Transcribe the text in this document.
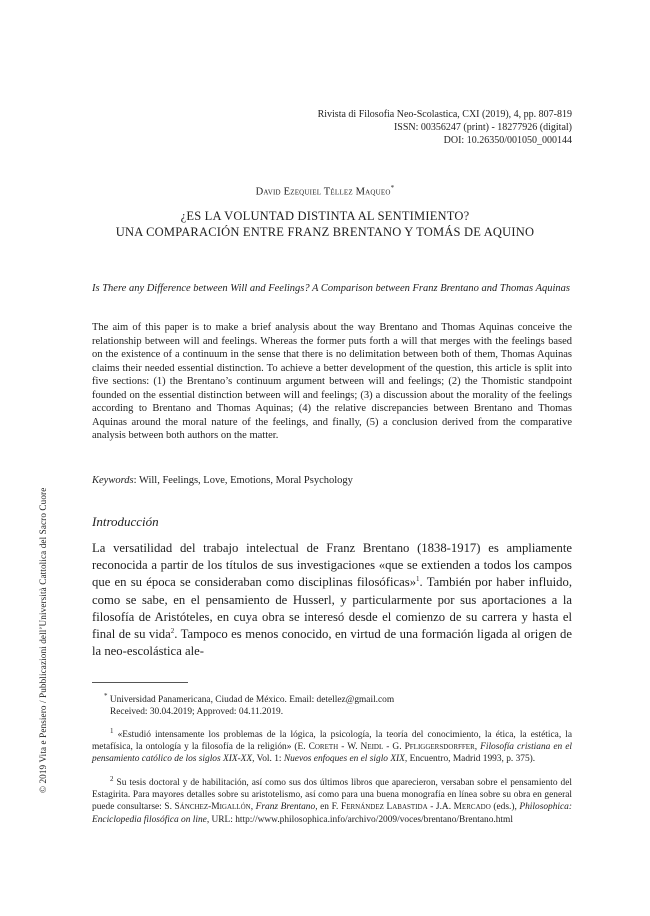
Rivista di Filosofia Neo-Scolastica, CXI (2019), 4, pp. 807-819
ISSN: 00356247 (print) - 18277926 (digital)
DOI: 10.26350/001050_000144
David Ezequiel Téllez Maqueo*
¿ES LA VOLUNTAD DISTINTA AL SENTIMIENTO?
UNA COMPARACIÓN ENTRE FRANZ BRENTANO Y TOMÁS DE AQUINO
Is There any Difference between Will and Feelings? A Comparison between Franz Brentano and Thomas Aquinas
The aim of this paper is to make a brief analysis about the way Brentano and Thomas Aquinas conceive the relationship between will and feelings. Whereas the former puts forth a will that merges with the feelings based on the existence of a continuum in the sense that there is no delimitation between both of them, Thomas Aquinas claims their needed essential distinction. To achieve a better development of the question, this article is split into five sections: (1) the Brentano’s continuum argument between will and feelings; (2) the Thomistic standpoint founded on the essential distinction between will and feelings; (3) a discussion about the morality of the feelings according to Brentano and Thomas Aquinas; (4) the relative discrepancies between Brentano and Thomas Aquinas around the moral nature of the feelings, and finally, (5) a conclusion derived from the comparative analysis between both authors on the matter.
Keywords: Will, Feelings, Love, Emotions, Moral Psychology
Introducción
La versatilidad del trabajo intelectual de Franz Brentano (1838-1917) es ampliamente reconocida a partir de los títulos de sus investigaciones «que se extienden a todos los campos que en su época se consideraban como disciplinas filosóficas»$^1$. También por haber influido, como se sabe, en el pensamiento de Husserl, y particularmente por sus aportaciones a la filosofía de Aristóteles, en cuya obra se interesó desde el comienzo de su carrera y hasta el final de su vida$^2$. Tampoco es menos conocido, en virtud de una formación ligada al origen de la neo-escolástica ale-
* Universidad Panamericana, Ciudad de México. Email: detellez@gmail.com
Received: 30.04.2019; Approved: 04.11.2019.
$^1$ «Estudió intensamente los problemas de la lógica, la psicología, la teoría del conocimiento, la ética, la estética, la metafísica, la ontología y la filosofía de la religión» (E. Coreth - W. Neidl - G. Pfliggersdorffer, Filosofía cristiana en el pensamiento católico de los siglos XIX-XX, Vol. 1: Nuevos enfoques en el siglo XIX, Encuentro, Madrid 1993, p. 375).
$^2$ Su tesis doctoral y de habilitación, así como sus dos últimos libros que aparecieron, versaban sobre el pensamiento del Estagirita. Para mayores detalles sobre su aristotelismo, así como para una buena monografía en línea sobre su obra en general puede consultarse: S. Sánchez-Migallón, Franz Brentano, en F. Fernández Labastida - J.A. Mercado (eds.), Philosophica: Enciclopedia filosófica on line, URL: http://www.philosophica.info/archivo/2009/voces/brentano/Brentano.html
© 2019 Vita e Pensiero / Pubblicazioni dell’Università Cattolica del Sacro Cuore
